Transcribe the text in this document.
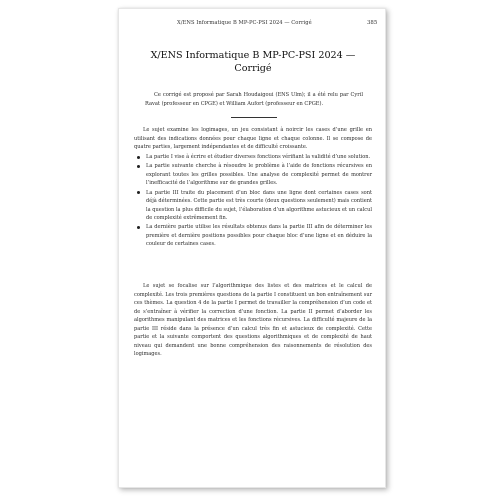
X/ENS Informatique B MP-PC-PSI 2024 — Corrigé	385
X/ENS Informatique B MP-PC-PSI 2024 —
Corrigé

Ce corrigé est proposé par Sarah Houdaigoui (ENS Ulm); il a été relu par Cyril Ravat (professeur en CPGE) et William Aufort (professeur en CPGE).

Le sujet examine les logimages, un jeu consistant à noircir les cases d’une grille en utilisant des indications données pour chaque ligne et chaque colonne. Il se compose de quatre parties, largement indépendantes et de difficulté croissante.

La partie I vise à écrire et étudier diverses fonctions vérifiant la validité d’une solution.
La partie suivante cherche à résoudre le problème à l’aide de fonctions récursives en explorant toutes les grilles possibles. Une analyse de complexité permet de montrer l’inefficacité de l’algorithme sur de grandes grilles.
La partie III traite du placement d’un bloc dans une ligne dont certaines cases sont déjà déterminées. Cette partie est très courte (deux questions seulement) mais contient la question la plus difficile du sujet, l’élaboration d’un algorithme astucieux et un calcul de complexité extrêmement fin.
La dernière partie utilise les résultats obtenus dans la partie III afin de déterminer les première et dernière positions possibles pour chaque bloc d’une ligne et en déduire la couleur de certaines cases.

Le sujet se focalise sur l’algorithmique des listes et des matrices et le calcul de complexité. Les trois premières questions de la partie I constituent un bon entraînement sur ces thèmes. La question 4 de la partie I permet de travailler la compréhension d’un code et de s’entraîner à vérifier la correction d’une fonction. La partie II permet d’aborder les algorithmes manipulant des matrices et les fonctions récursives. La difficulté majeure de la partie III réside dans la présence d’un calcul très fin et astucieux de complexité. Cette partie et la suivante comportent des questions algorithmiques et de complexité de haut niveau qui demandent une bonne compréhension des raisonnements de résolution des logimages.
